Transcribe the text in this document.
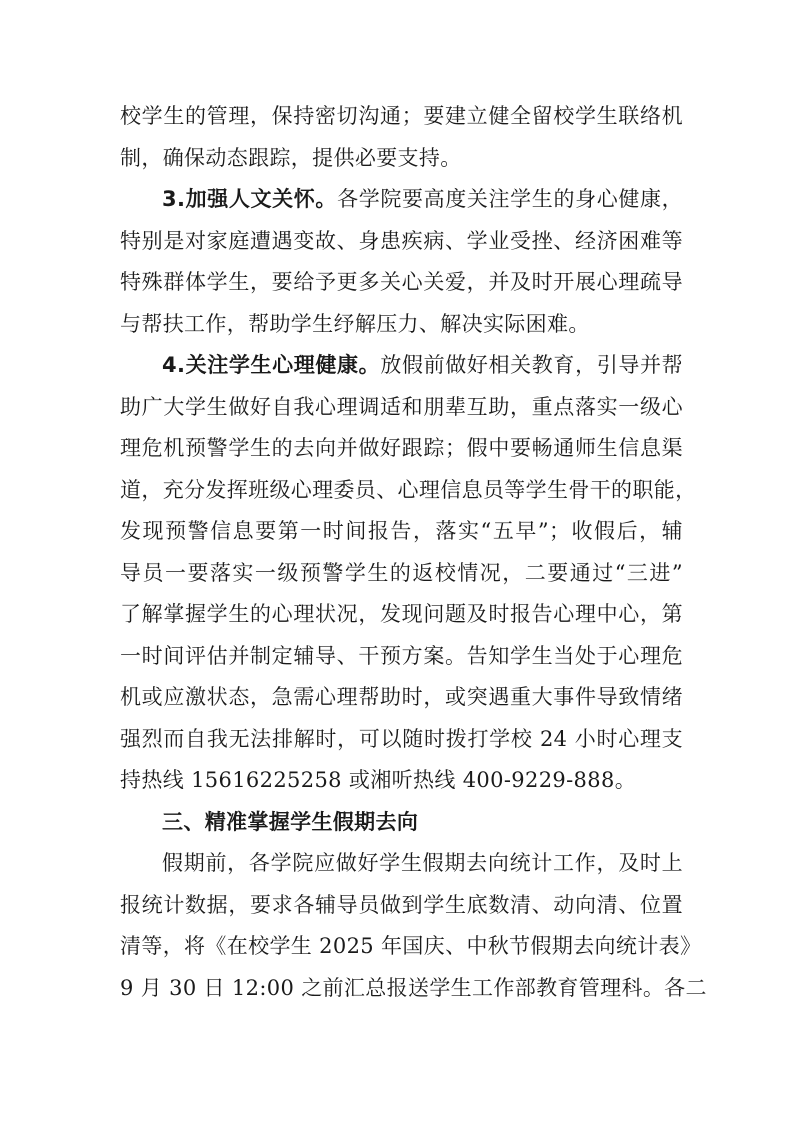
校学生的管理，保持密切沟通；要建立健全留校学生联络机
制，确保动态跟踪，提供必要支持。
3.加强人文关怀。各学院要高度关注学生的身心健康，
特别是对家庭遭遇变故、身患疾病、学业受挫、经济困难等
特殊群体学生，要给予更多关心关爱，并及时开展心理疏导
与帮扶工作，帮助学生纾解压力、解决实际困难。
4.关注学生心理健康。放假前做好相关教育，引导并帮
助广大学生做好自我心理调适和朋辈互助，重点落实一级心
理危机预警学生的去向并做好跟踪；假中要畅通师生信息渠
道，充分发挥班级心理委员、心理信息员等学生骨干的职能，
发现预警信息要第一时间报告，落实“五早”；收假后，辅
导员一要落实一级预警学生的返校情况，二要通过“三进”
了解掌握学生的心理状况，发现问题及时报告心理中心，第
一时间评估并制定辅导、干预方案。告知学生当处于心理危
机或应激状态，急需心理帮助时，或突遇重大事件导致情绪
强烈而自我无法排解时，可以随时拨打学校 24 小时心理支
持热线 15616225258 或湘听热线 400-9229-888。
三、精准掌握学生假期去向
假期前，各学院应做好学生假期去向统计工作，及时上
报统计数据，要求各辅导员做到学生底数清、动向清、位置
清等，将《在校学生 2025 年国庆、中秋节假期去向统计表》
9 月 30 日 12:00 之前汇总报送学生工作部教育管理科。各二
